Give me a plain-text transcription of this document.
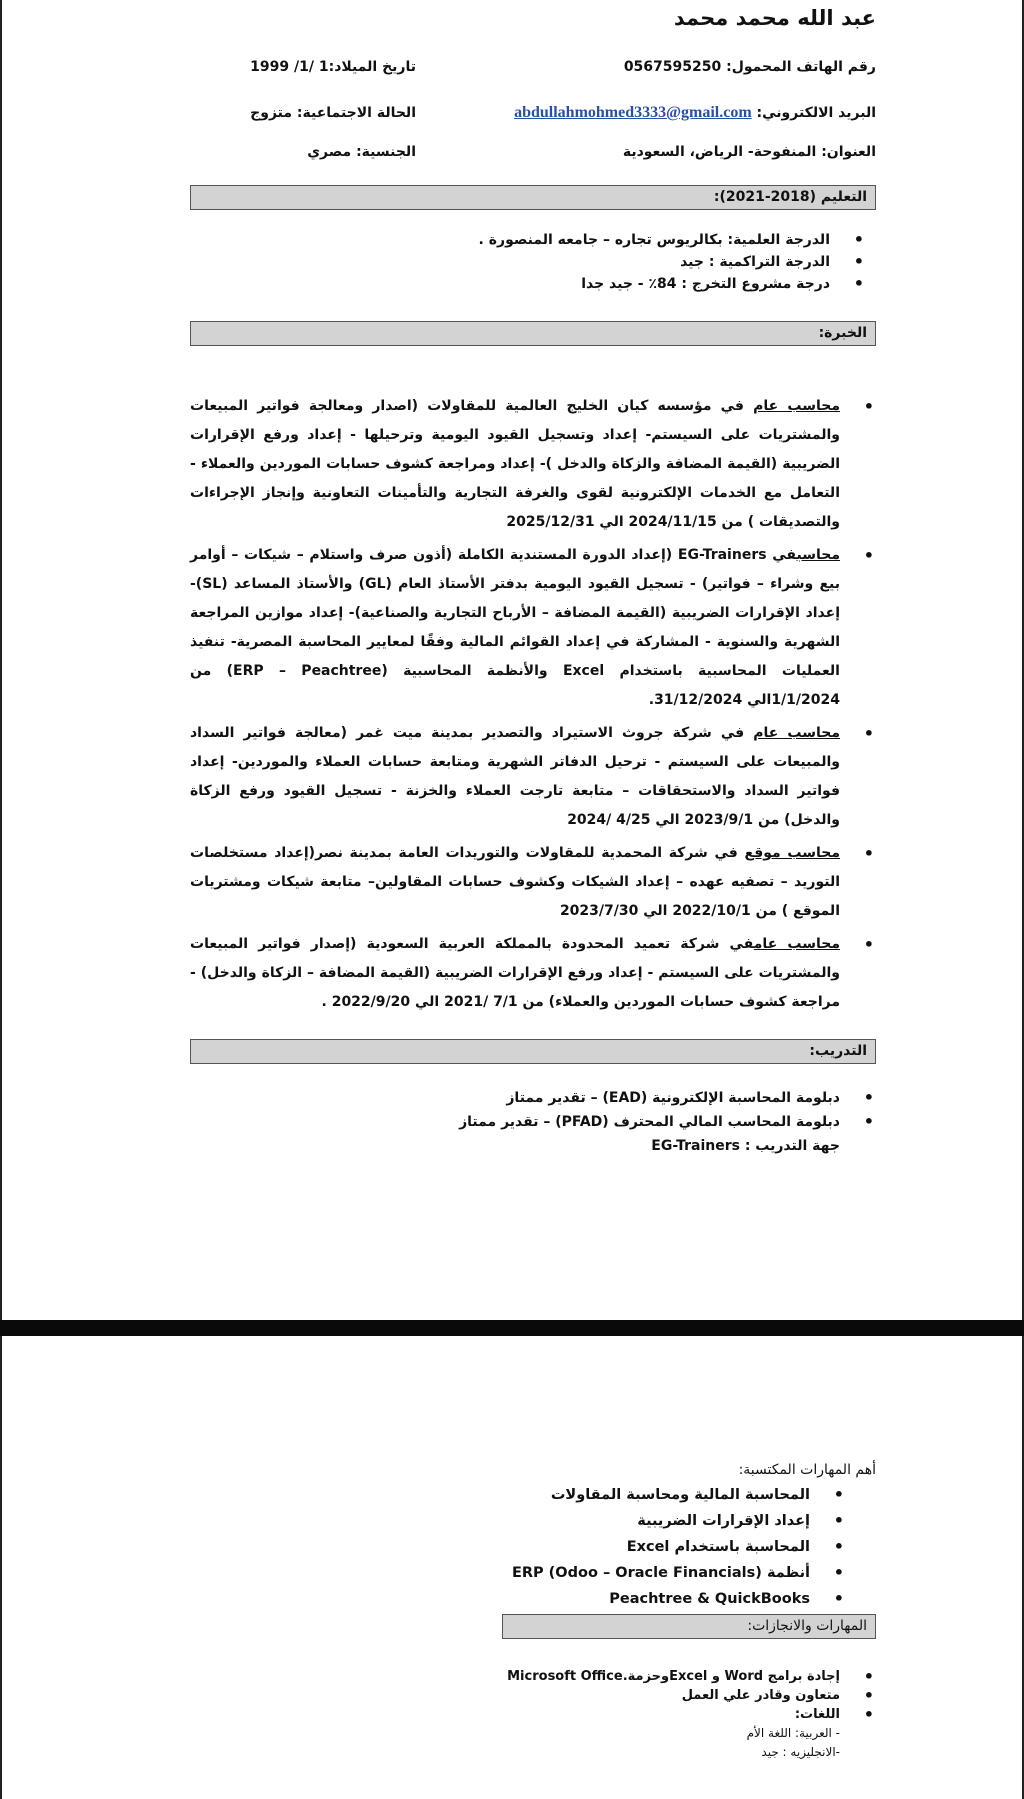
عبد الله محمد محمد
رقم الهاتف المحمول: 0567595250
تاريخ الميلاد:1 /1/ 1999
البريد الالكتروني: abdullahmohmed3333@gmail.com
الحالة الاجتماعية: متزوج
العنوان: المنفوحة- الرياض، السعودية
الجنسية: مصري
التعليم (2018-2021):
• الدرجة العلمية: بكالريوس تجاره – جامعه المنصورة .
• الدرجة التراكمية : جيد
• درجة مشروع التخرج : 84٪ - جيد جدا
الخبرة:
• محاسب عام في مؤسسه كيان الخليج العالمية للمقاولات (اصدار ومعالجة فواتير المبيعات والمشتريات على السيستم- إعداد وتسجيل القيود اليومية وترحيلها - إعداد ورفع الإقرارات الضريبية (القيمة المضافة والزكاة والدخل )- إعداد ومراجعة كشوف حسابات الموردين والعملاء - التعامل مع الخدمات الإلكترونية لقوى والغرفة التجارية والتأمينات التعاونية وإنجاز الإجراءات والتصديقات ) من 2024/11/15 الي 2025/12/31
• محاسبفي EG-Trainers (إعداد الدورة المستندية الكاملة (أذون صرف واستلام – شيكات – أوامر بيع وشراء – فواتير) - تسجيل القيود اليومية بدفتر الأستاذ العام (GL) والأستاذ المساعد (SL)- إعداد الإقرارات الضريبية (القيمة المضافة – الأرباح التجارية والصناعية)- إعداد موازين المراجعة الشهرية والسنوية - المشاركة في إعداد القوائم المالية وفقًا لمعايير المحاسبة المصرية- تنفيذ العمليات المحاسبية باستخدام Excel والأنظمة المحاسبية (ERP – Peachtree) من 1/1/2024الي 31/12/2024.
• محاسب عام في شركة جروث الاستيراد والتصدير بمدينة ميت غمر (معالجة فواتير السداد والمبيعات على السيستم - ترحيل الدفاتر الشهرية ومتابعة حسابات العملاء والموردين- إعداد فواتير السداد والاستحقاقات – متابعة تارجت العملاء والخزنة - تسجيل القيود ورفع الزكاة والدخل) من 2023/9/1 الي 4/25 /2024
• محاسب موقع في شركة المحمدية للمقاولات والتوريدات العامة بمدينة نصر(إعداد مستخلصات التوريد – تصفيه عهده – إعداد الشيكات وكشوف حسابات المقاولين– متابعة شيكات ومشتريات الموقع ) من 2022/10/1 الي 2023/7/30
• محاسب عامفي شركة تعميد المحدودة بالمملكة العربية السعودية (إصدار فواتير المبيعات والمشتريات على السيستم - إعداد ورفع الإقرارات الضريبية (القيمة المضافة – الزكاة والدخل) - مراجعة كشوف حسابات الموردين والعملاء) من 7/1 /2021 الي 2022/9/20 .
التدريب:
• دبلومة المحاسبة الإلكترونية (EAD) – تقدير ممتاز
• دبلومة المحاسب المالي المحترف (PFAD) – تقدير ممتاز
جهة التدريب : EG-Trainers
أهم المهارات المكتسبة:
• المحاسبة المالية ومحاسبة المقاولات
• إعداد الإقرارات الضريبية
• المحاسبة باستخدام Excel
• أنظمة ERP (Odoo – Oracle Financials)
• Peachtree & QuickBooks
المهارات والانجازات:
• إجادة برامج Word و Excelوحزمة.Microsoft Office
• متعاون وقادر علي العمل
• اللغات:
- العربية: اللغة الأم
-الانجليزيه : جيد
